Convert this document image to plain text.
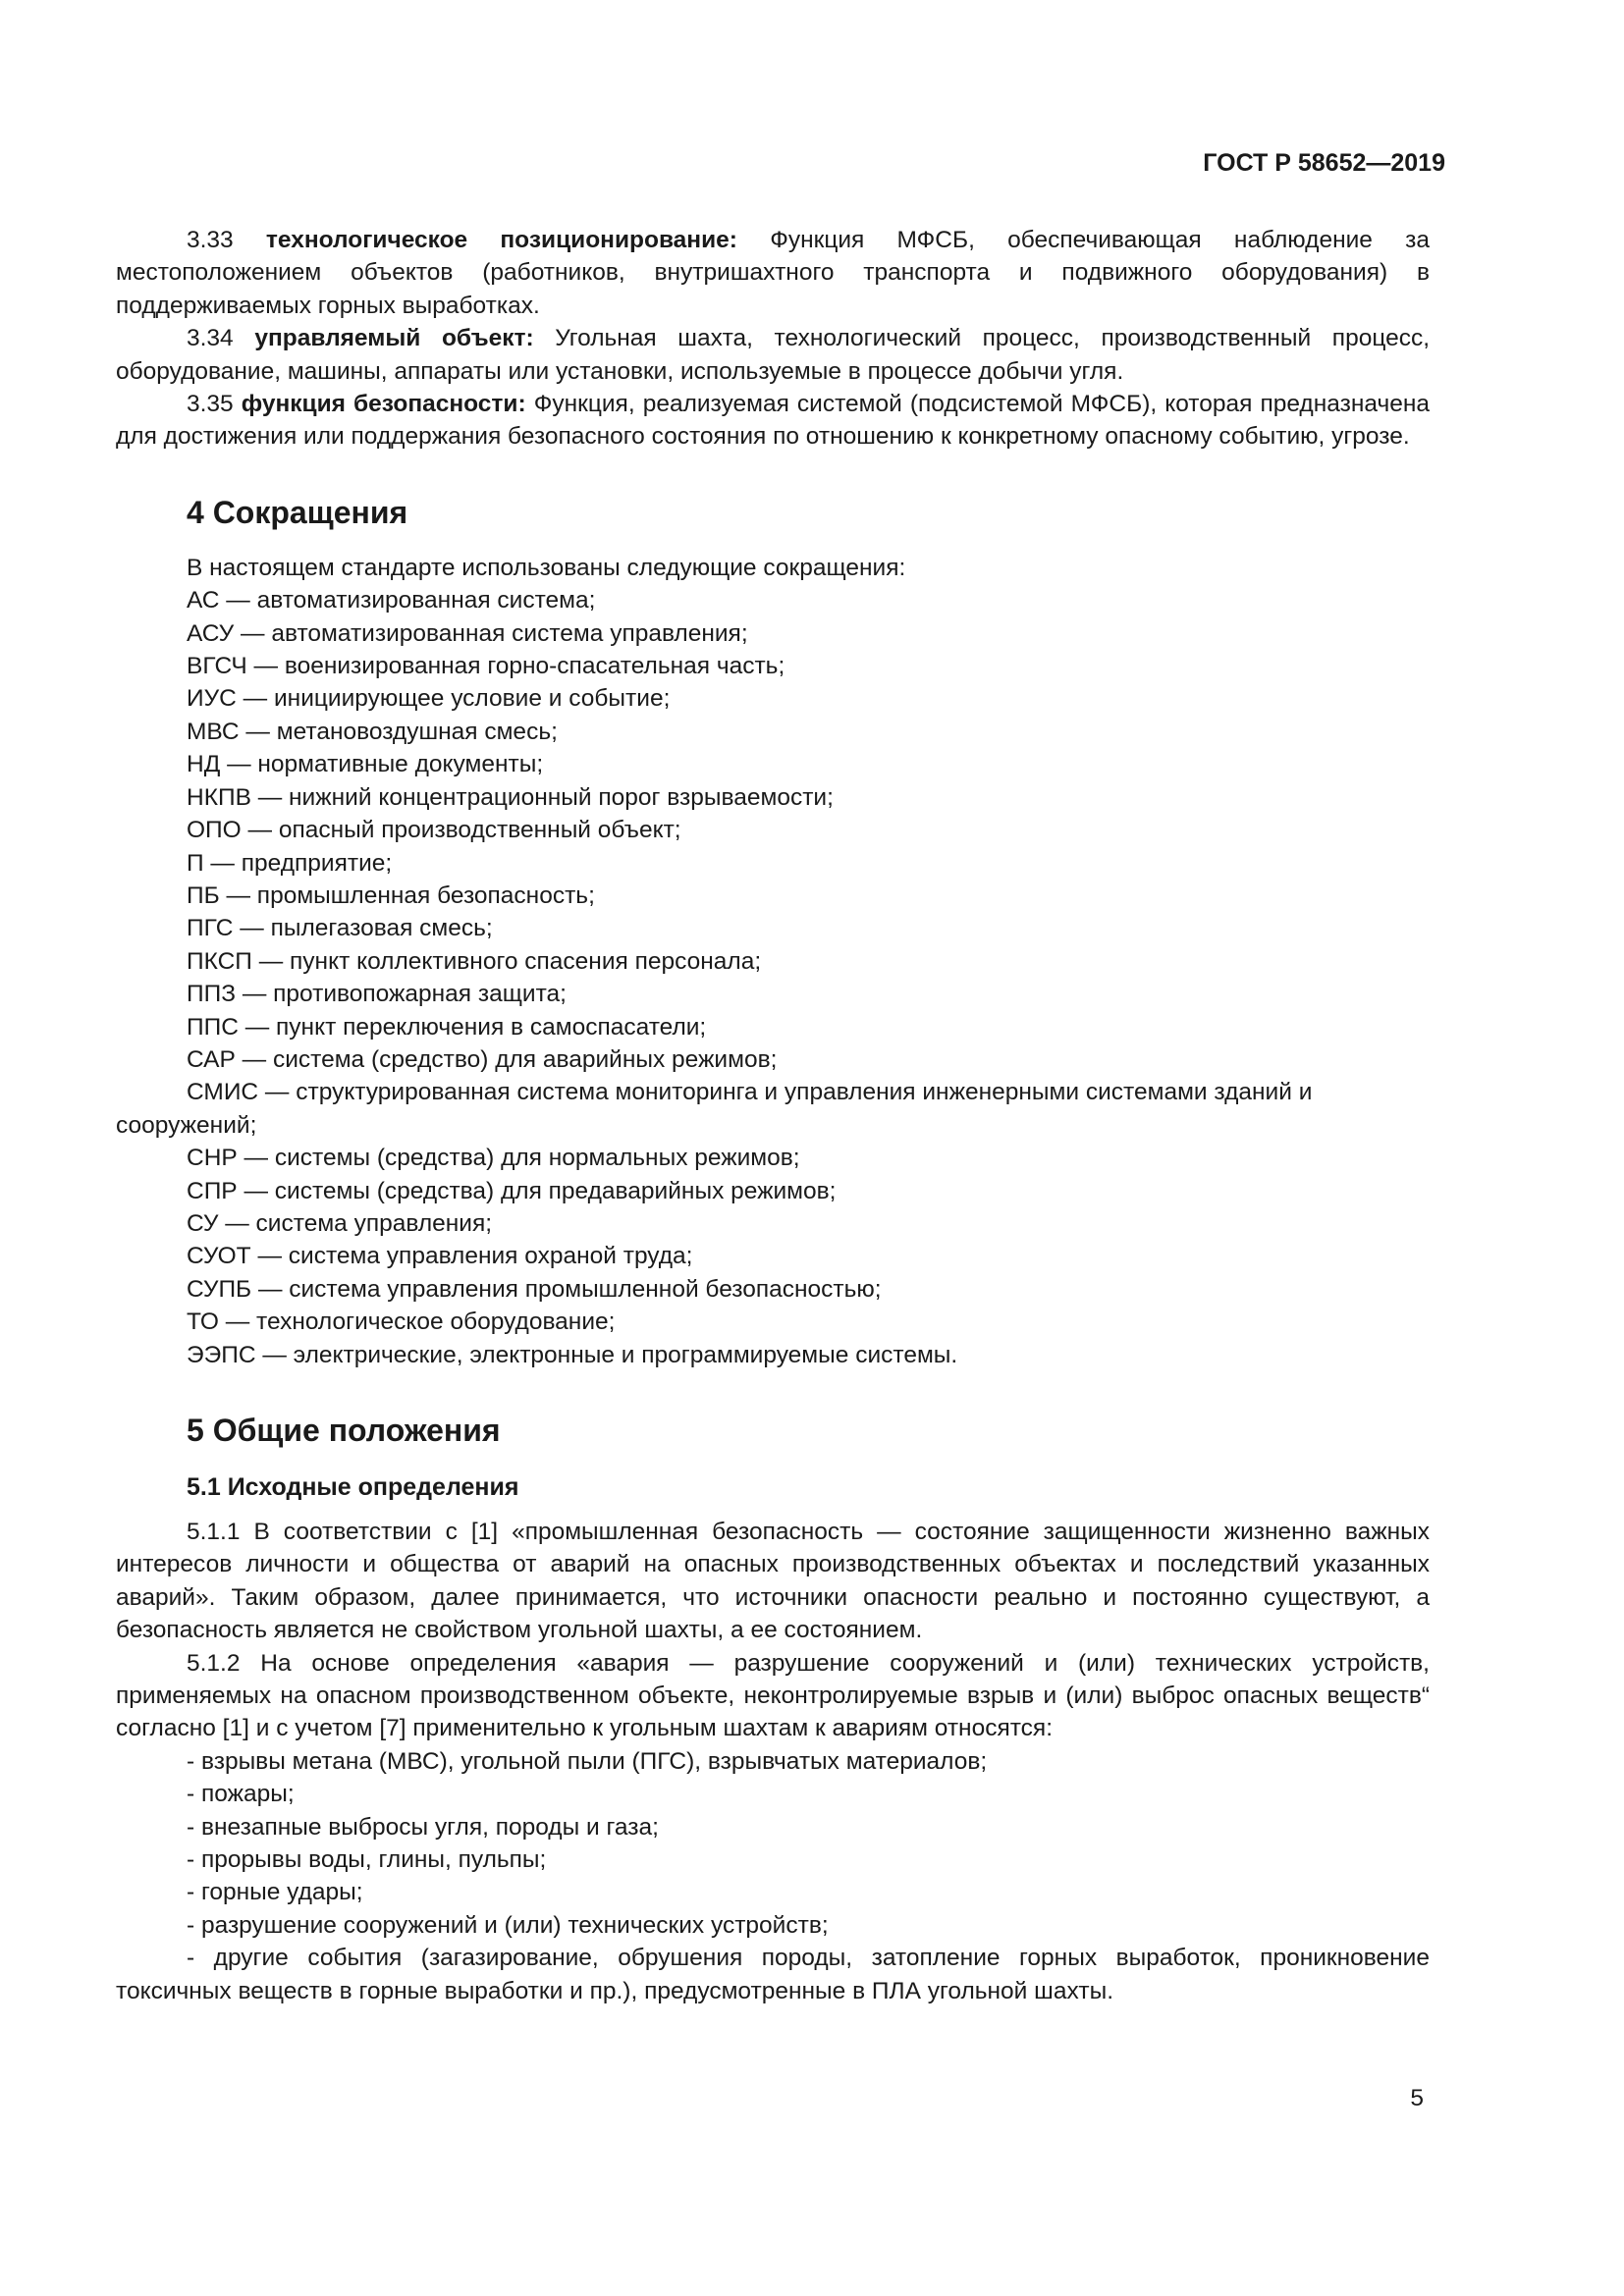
ГОСТ Р 58652—2019

3.33 технологическое позиционирование: Функция МФСБ, обеспечивающая наблюдение за местоположением объектов (работников, внутришахтного транспорта и подвижного оборудования) в поддерживаемых горных выработках.

3.34 управляемый объект: Угольная шахта, технологический процесс, производственный процесс, оборудование, машины, аппараты или установки, используемые в процессе добычи угля.

3.35 функция безопасности: Функция, реализуемая системой (подсистемой МФСБ), которая предназначена для достижения или поддержания безопасного состояния по отношению к конкретному опасному событию, угрозе.

4 Сокращения

В настоящем стандарте использованы следующие сокращения:

АС — автоматизированная система;

АСУ — автоматизированная система управления;

ВГСЧ — военизированная горно-спасательная часть;

ИУС — инициирующее условие и событие;

МВС — метановоздушная смесь;

НД — нормативные документы;

НКПВ — нижний концентрационный порог взрываемости;

ОПО — опасный производственный объект;

П — предприятие;

ПБ — промышленная безопасность;

ПГС — пылегазовая смесь;

ПКСП — пункт коллективного спасения персонала;

ППЗ — противопожарная защита;

ППС — пункт переключения в самоспасатели;

САР — система (средство) для аварийных режимов;

СМИС — структурированная система мониторинга и управления инженерными системами зданий и сооружений;

СНР — системы (средства) для нормальных режимов;

СПР — системы (средства) для предаварийных режимов;

СУ — система управления;

СУОТ — система управления охраной труда;

СУПБ — система управления промышленной безопасностью;

ТО — технологическое оборудование;

ЭЭПС — электрические, электронные и программируемые системы.

5 Общие положения
5.1 Исходные определения

5.1.1 В соответствии с [1] «промышленная безопасность — состояние защищенности жизненно важных интересов личности и общества от аварий на опасных производственных объектах и последствий указанных аварий». Таким образом, далее принимается, что источники опасности реально и постоянно существуют, а безопасность является не свойством угольной шахты, а ее состоянием.

5.1.2 На основе определения «авария — разрушение сооружений и (или) технических устройств, применяемых на опасном производственном объекте, неконтролируемые взрыв и (или) выброс опасных веществ“ согласно [1] и с учетом [7] применительно к угольным шахтам к авариям относятся:

- взрывы метана (МВС), угольной пыли (ПГС), взрывчатых материалов;

- пожары;

- внезапные выбросы угля, породы и газа;

- прорывы воды, глины, пульпы;

- горные удары;

- разрушение сооружений и (или) технических устройств;

- другие события (загазирование, обрушения породы, затопление горных выработок, проникновение токсичных веществ в горные выработки и пр.), предусмотренные в ПЛА угольной шахты.

5
